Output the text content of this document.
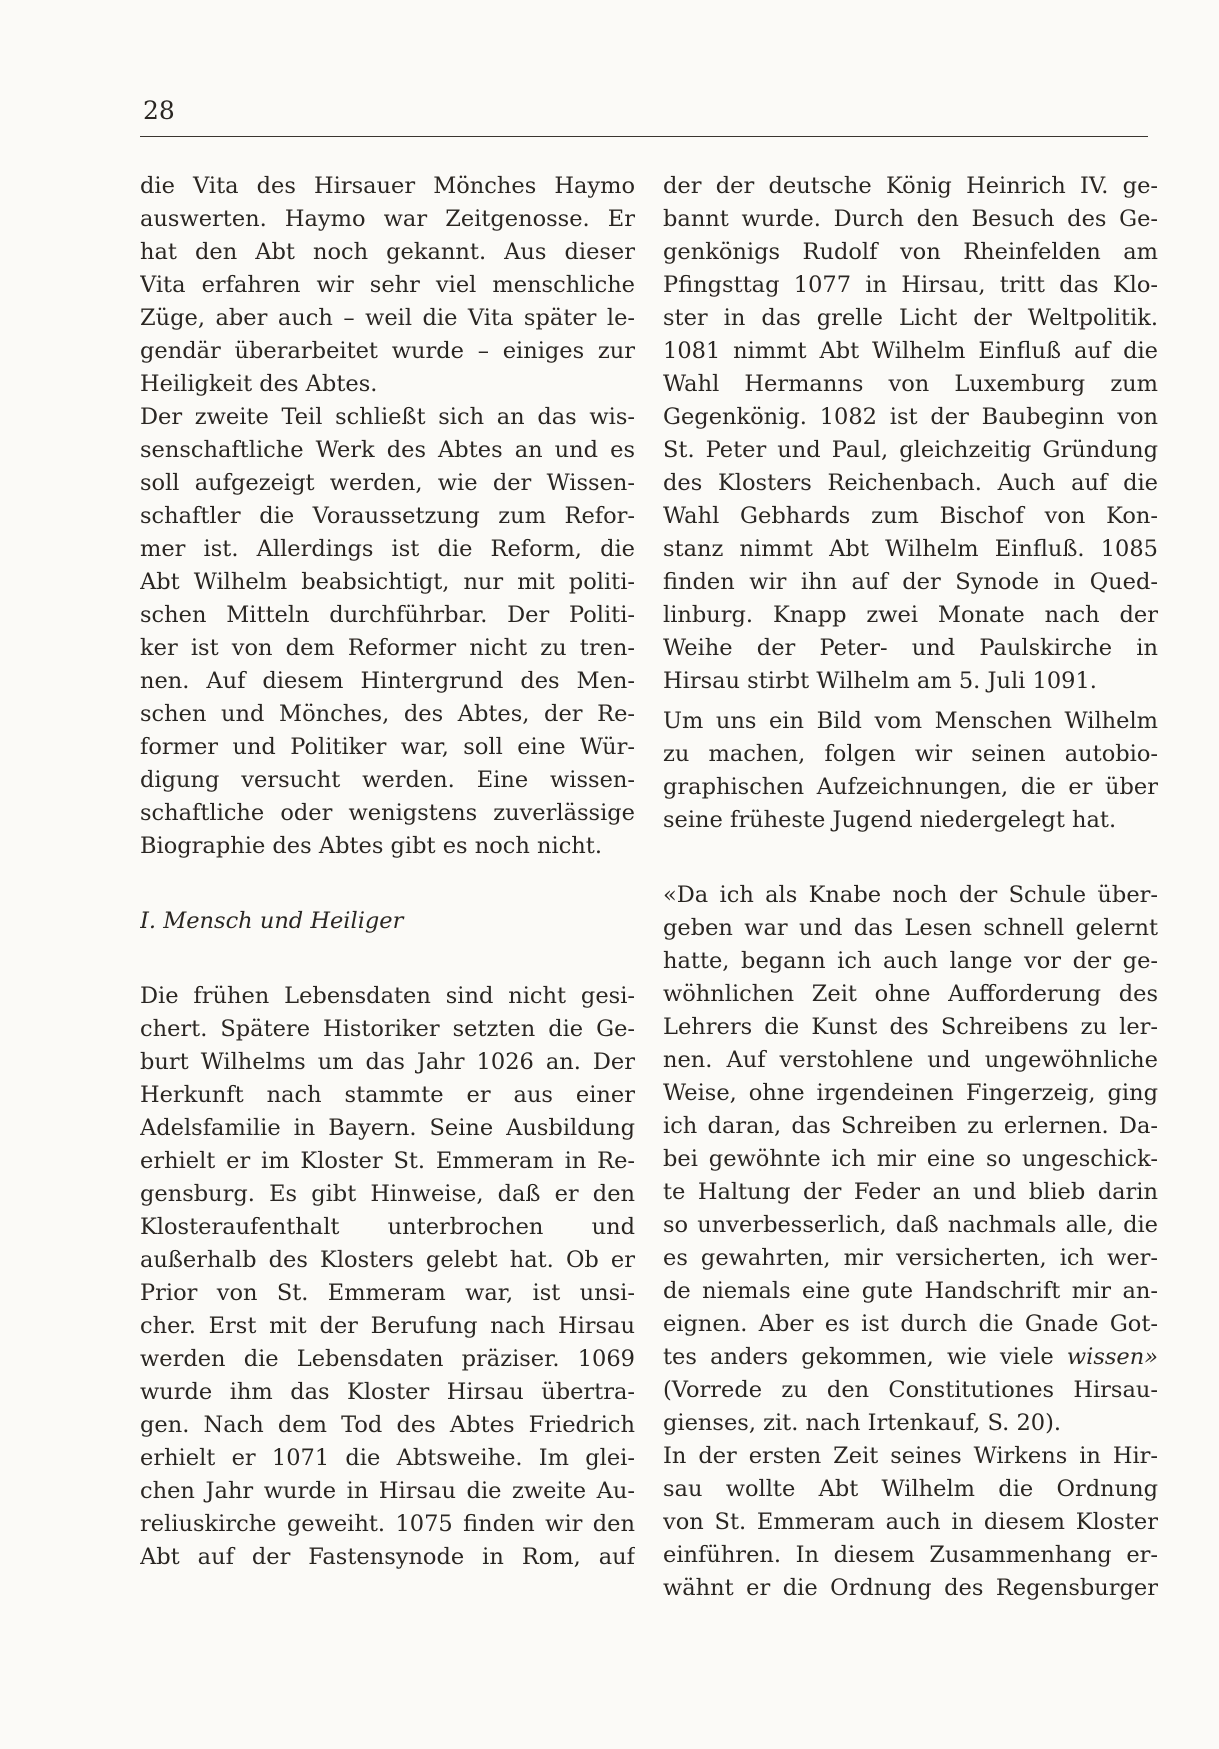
28
die Vita des Hirsauer Mönches Haymo
auswerten. Haymo war Zeitgenosse. Er
hat den Abt noch gekannt. Aus dieser
Vita erfahren wir sehr viel menschliche
Züge, aber auch – weil die Vita später le-
gendär überarbeitet wurde – einiges zur
Heiligkeit des Abtes.
Der zweite Teil schließt sich an das wis-
senschaftliche Werk des Abtes an und es
soll aufgezeigt werden, wie der Wissen-
schaftler die Voraussetzung zum Refor-
mer ist. Allerdings ist die Reform, die
Abt Wilhelm beabsichtigt, nur mit politi-
schen Mitteln durchführbar. Der Politi-
ker ist von dem Reformer nicht zu tren-
nen. Auf diesem Hintergrund des Men-
schen und Mönches, des Abtes, der Re-
former und Politiker war, soll eine Wür-
digung versucht werden. Eine wissen-
schaftliche oder wenigstens zuverlässige
Biographie des Abtes gibt es noch nicht.
I. Mensch und Heiliger
Die frühen Lebensdaten sind nicht gesi-
chert. Spätere Historiker setzten die Ge-
burt Wilhelms um das Jahr 1026 an. Der
Herkunft nach stammte er aus einer
Adelsfamilie in Bayern. Seine Ausbildung
erhielt er im Kloster St. Emmeram in Re-
gensburg. Es gibt Hinweise, daß er den
Klosteraufenthalt unterbrochen und
außerhalb des Klosters gelebt hat. Ob er
Prior von St. Emmeram war, ist unsi-
cher. Erst mit der Berufung nach Hirsau
werden die Lebensdaten präziser. 1069
wurde ihm das Kloster Hirsau übertra-
gen. Nach dem Tod des Abtes Friedrich
erhielt er 1071 die Abtsweihe. Im glei-
chen Jahr wurde in Hirsau die zweite Au-
reliuskirche geweiht. 1075 finden wir den
Abt auf der Fastensynode in Rom, auf
der der deutsche König Heinrich IV. ge-
bannt wurde. Durch den Besuch des Ge-
genkönigs Rudolf von Rheinfelden am
Pfingsttag 1077 in Hirsau, tritt das Klo-
ster in das grelle Licht der Weltpolitik.
1081 nimmt Abt Wilhelm Einfluß auf die
Wahl Hermanns von Luxemburg zum
Gegenkönig. 1082 ist der Baubeginn von
St. Peter und Paul, gleichzeitig Gründung
des Klosters Reichenbach. Auch auf die
Wahl Gebhards zum Bischof von Kon-
stanz nimmt Abt Wilhelm Einfluß. 1085
finden wir ihn auf der Synode in Qued-
linburg. Knapp zwei Monate nach der
Weihe der Peter- und Paulskirche in
Hirsau stirbt Wilhelm am 5. Juli 1091.
Um uns ein Bild vom Menschen Wilhelm
zu machen, folgen wir seinen autobio-
graphischen Aufzeichnungen, die er über
seine früheste Jugend niedergelegt hat.
«Da ich als Knabe noch der Schule über-
geben war und das Lesen schnell gelernt
hatte, begann ich auch lange vor der ge-
wöhnlichen Zeit ohne Aufforderung des
Lehrers die Kunst des Schreibens zu ler-
nen. Auf verstohlene und ungewöhnliche
Weise, ohne irgendeinen Fingerzeig, ging
ich daran, das Schreiben zu erlernen. Da-
bei gewöhnte ich mir eine so ungeschick-
te Haltung der Feder an und blieb darin
so unverbesserlich, daß nachmals alle, die
es gewahrten, mir versicherten, ich wer-
de niemals eine gute Handschrift mir an-
eignen. Aber es ist durch die Gnade Got-
tes anders gekommen, wie viele wissen»
(Vorrede zu den Constitutiones Hirsau-
gienses, zit. nach Irtenkauf, S. 20).
In der ersten Zeit seines Wirkens in Hir-
sau wollte Abt Wilhelm die Ordnung
von St. Emmeram auch in diesem Kloster
einführen. In diesem Zusammenhang er-
wähnt er die Ordnung des Regensburger
